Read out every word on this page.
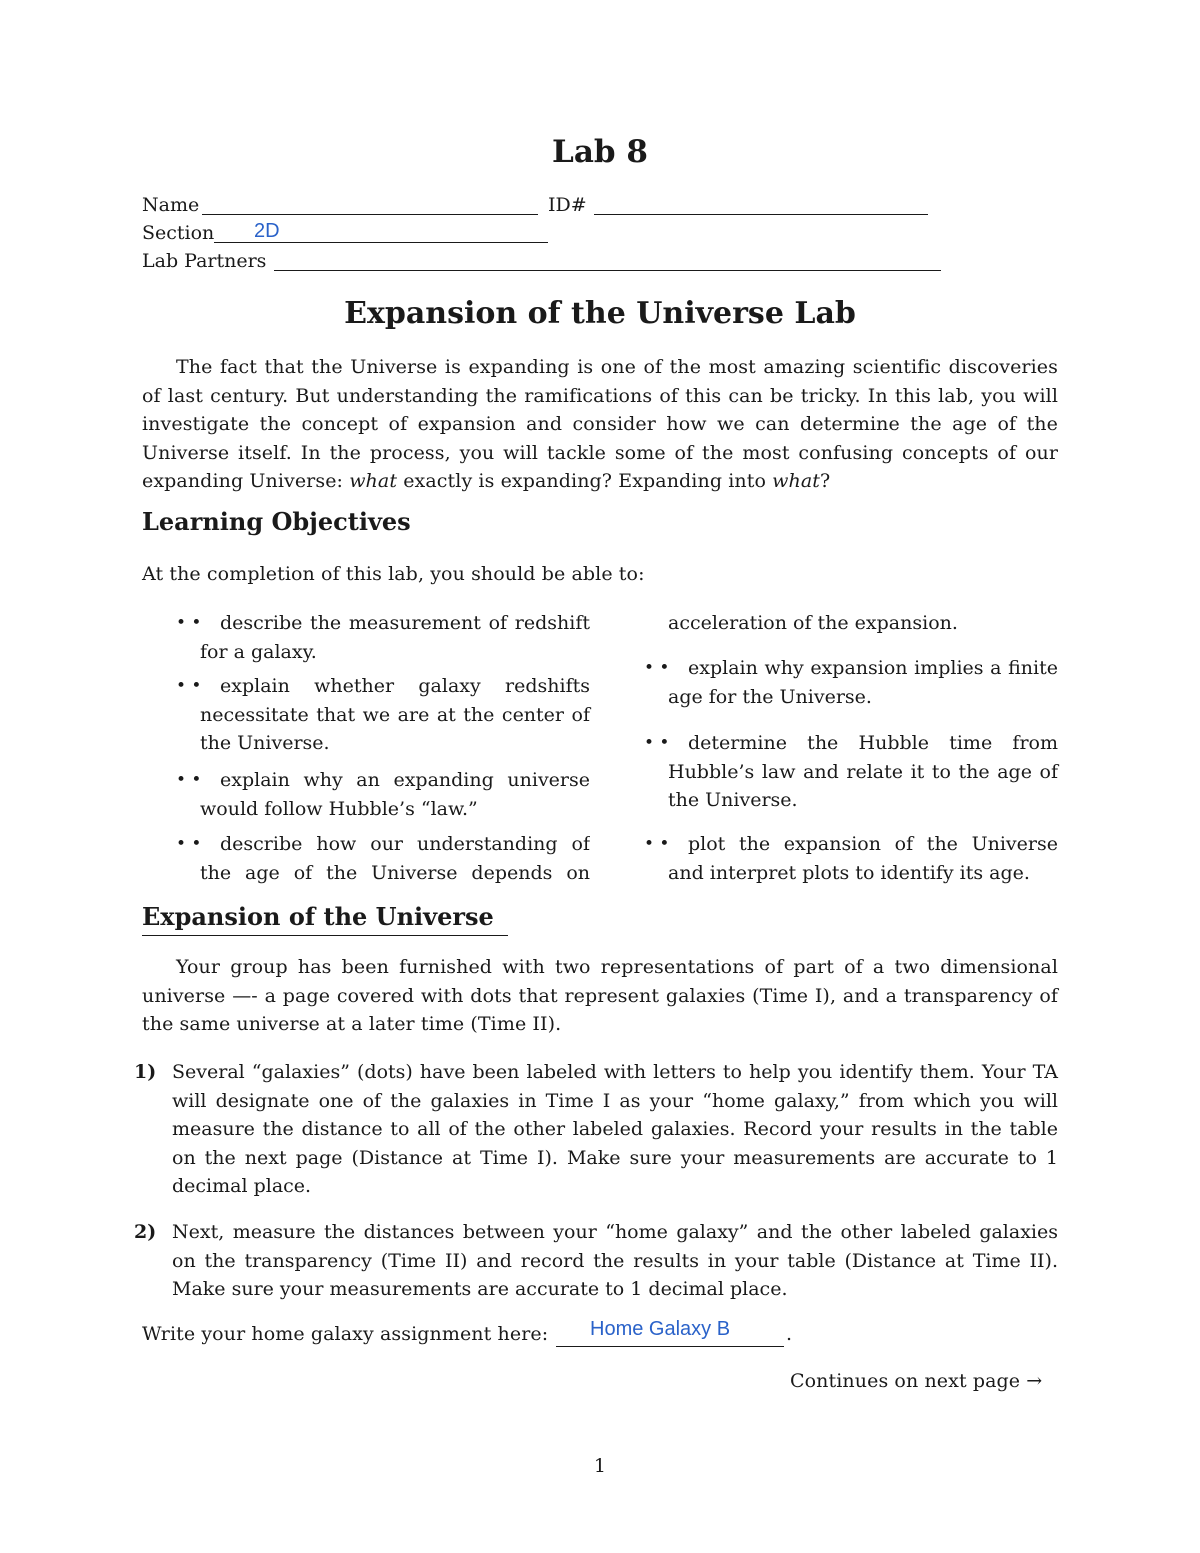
Lab 8
Name	ID#
Section 2D
Lab Partners
Expansion of the Universe Lab
The fact that the Universe is expanding is one of the most amazing scientific discoveries of last century. But understanding the ramifications of this can be tricky. In this lab, you will investigate the concept of expansion and consider how we can determine the age of the Universe itself. In the process, you will tackle some of the most confusing concepts of our expanding Universe: what exactly is expanding? Expanding into what?
Learning Objectives
At the completion of this lab, you should be able to:
• • describe the measurement of redshift for a galaxy.
• • explain whether galaxy redshifts necessitate that we are at the center of the Universe.
• • explain why an expanding universe would follow Hubble’s “law.”
• • describe how our understanding of the age of the Universe depends on
acceleration of the expansion.
• • explain why expansion implies a finite age for the Universe.
• • determine the Hubble time from Hubble’s law and relate it to the age of the Universe.
• • plot the expansion of the Universe and interpret plots to identify its age.
Expansion of the Universe
Your group has been furnished with two representations of part of a two dimensional universe —- a page covered with dots that represent galaxies (Time I), and a transparency of the same universe at a later time (Time II).
1) Several “galaxies” (dots) have been labeled with letters to help you identify them. Your TA will designate one of the galaxies in Time I as your “home galaxy,” from which you will measure the distance to all of the other labeled galaxies. Record your results in the table on the next page (Distance at Time I). Make sure your measurements are accurate to 1 decimal place.
2) Next, measure the distances between your “home galaxy” and the other labeled galaxies on the transparency (Time II) and record the results in your table (Distance at Time II). Make sure your measurements are accurate to 1 decimal place.
Write your home galaxy assignment here: Home Galaxy B	.
Continues on next page →
1
